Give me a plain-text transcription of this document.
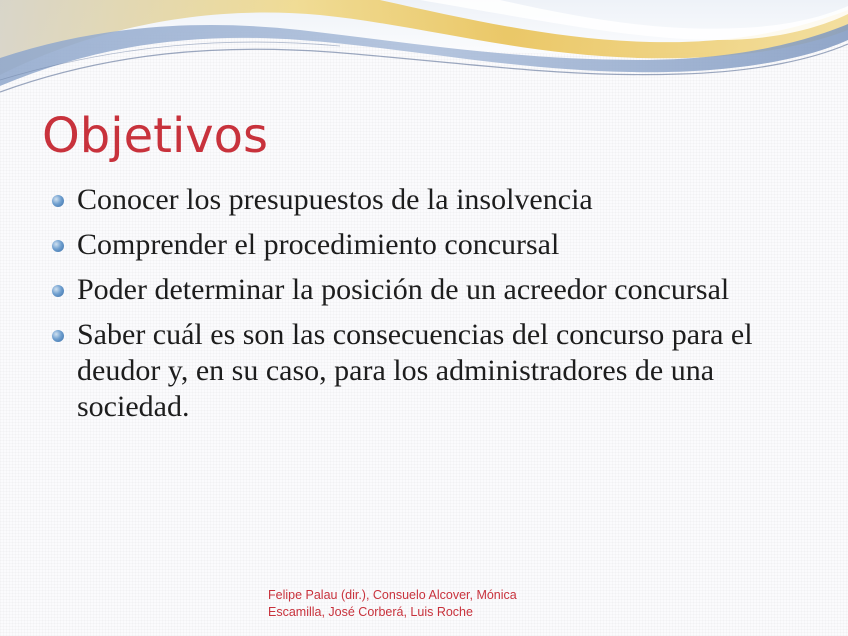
Objetivos
Conocer los presupuestos de la insolvencia
Comprender el procedimiento concursal
Poder determinar la posición de un acreedor concursal
Saber cuál es son las consecuencias del concurso para el deudor y, en su caso, para los administradores de una sociedad.
Felipe Palau (dir.), Consuelo Alcover, Mónica
Escamilla, José Corberá, Luis Roche
